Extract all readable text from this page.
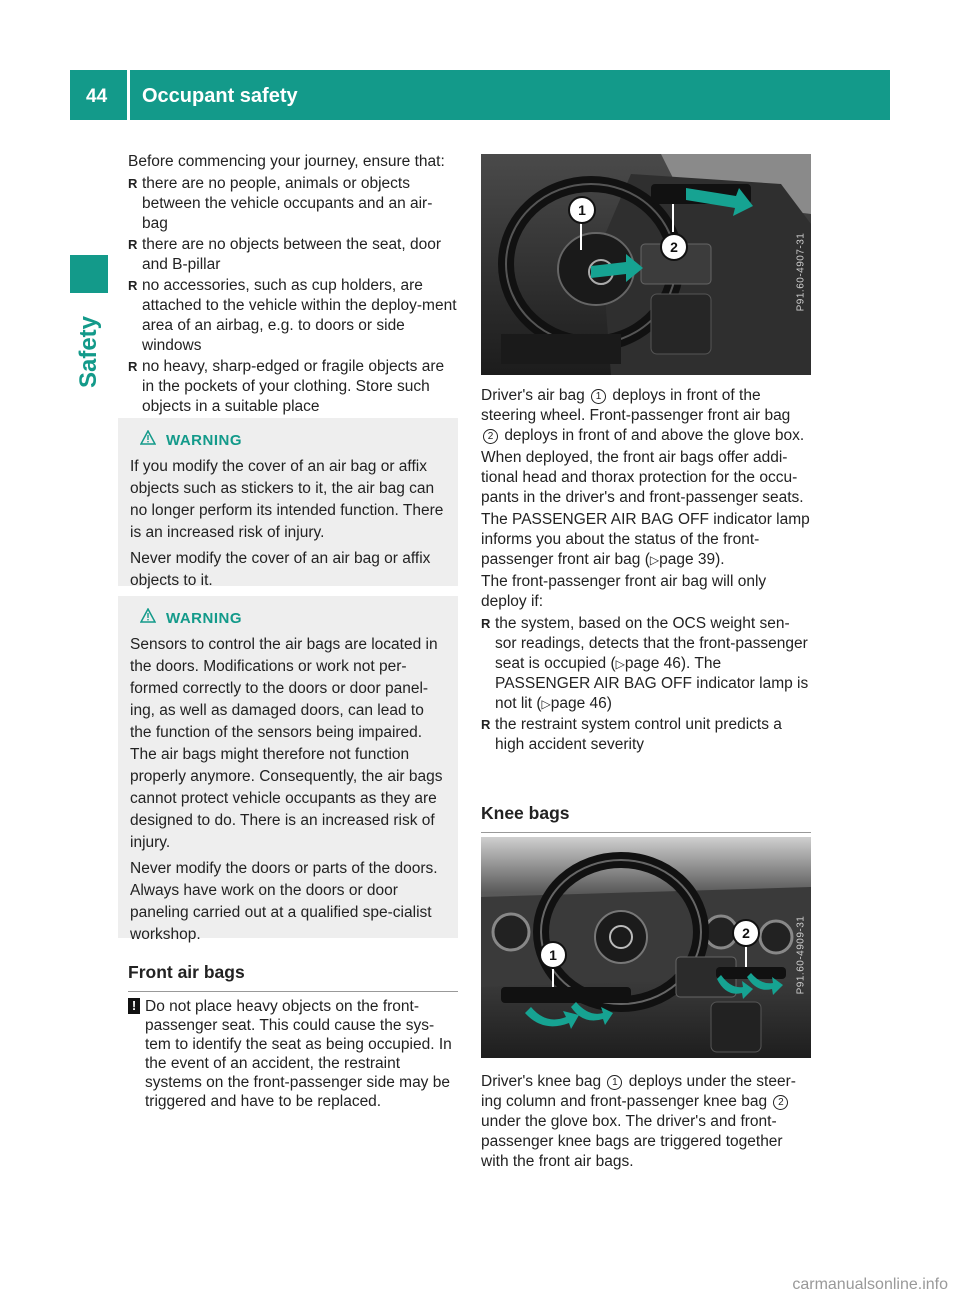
44 Occupant safety
Safety

Before commencing your journey, ensure that:

R there are no people, animals or objects between the vehicle occupants and an air-bag
R there are no objects between the seat, door and B-pillar
R no accessories, such as cup holders, are attached to the vehicle within the deploy-ment area of an airbag, e.g. to doors or side windows
R no heavy, sharp-edged or fragile objects are in the pockets of your clothing. Store such objects in a suitable place
WARNING

If you modify the cover of an air bag or affix objects such as stickers to it, the air bag can no longer perform its intended function. There is an increased risk of injury.

Never modify the cover of an air bag or affix objects to it.

WARNING

Sensors to control the air bags are located in the doors. Modifications or work not per-formed correctly to the doors or door panel-ing, as well as damaged doors, can lead to the function of the sensors being impaired. The air bags might therefore not function properly anymore. Consequently, the air bags cannot protect vehicle occupants as they are designed to do. There is an increased risk of injury.

Never modify the doors or parts of the doors. Always have work on the doors or door paneling carried out at a qualified spe-cialist workshop.

Front air bags
! Do not place heavy objects on the front-passenger seat. This could cause the sys-tem to identify the seat as being occupied. In the event of an accident, the restraint systems on the front-passenger side may be triggered and have to be replaced.
1
2	P91.60-4907-31

Driver's air bag 1 deploys in front of the steering wheel. Front-passenger front air bag 2 deploys in front of and above the glove box.

When deployed, the front air bags offer addi-tional head and thorax protection for the occu-pants in the driver's and front-passenger seats.

The PASSENGER AIR BAG OFF indicator lamp informs you about the status of the front-passenger front air bag (▷page 39).

The front-passenger front air bag will only deploy if:

R the system, based on the OCS weight sen-sor readings, detects that the front-passenger seat is occupied (▷page 46). The PASSENGER AIR BAG OFF indicator lamp is not lit (▷page 46)
R the restraint system control unit predicts a high accident severity
Knee bags
1
2	P91.60-4909-31

Driver's knee bag 1 deploys under the steer-ing column and front-passenger knee bag 2 under the glove box. The driver's and front-passenger knee bags are triggered together with the front air bags.

carmanualsonline.info
